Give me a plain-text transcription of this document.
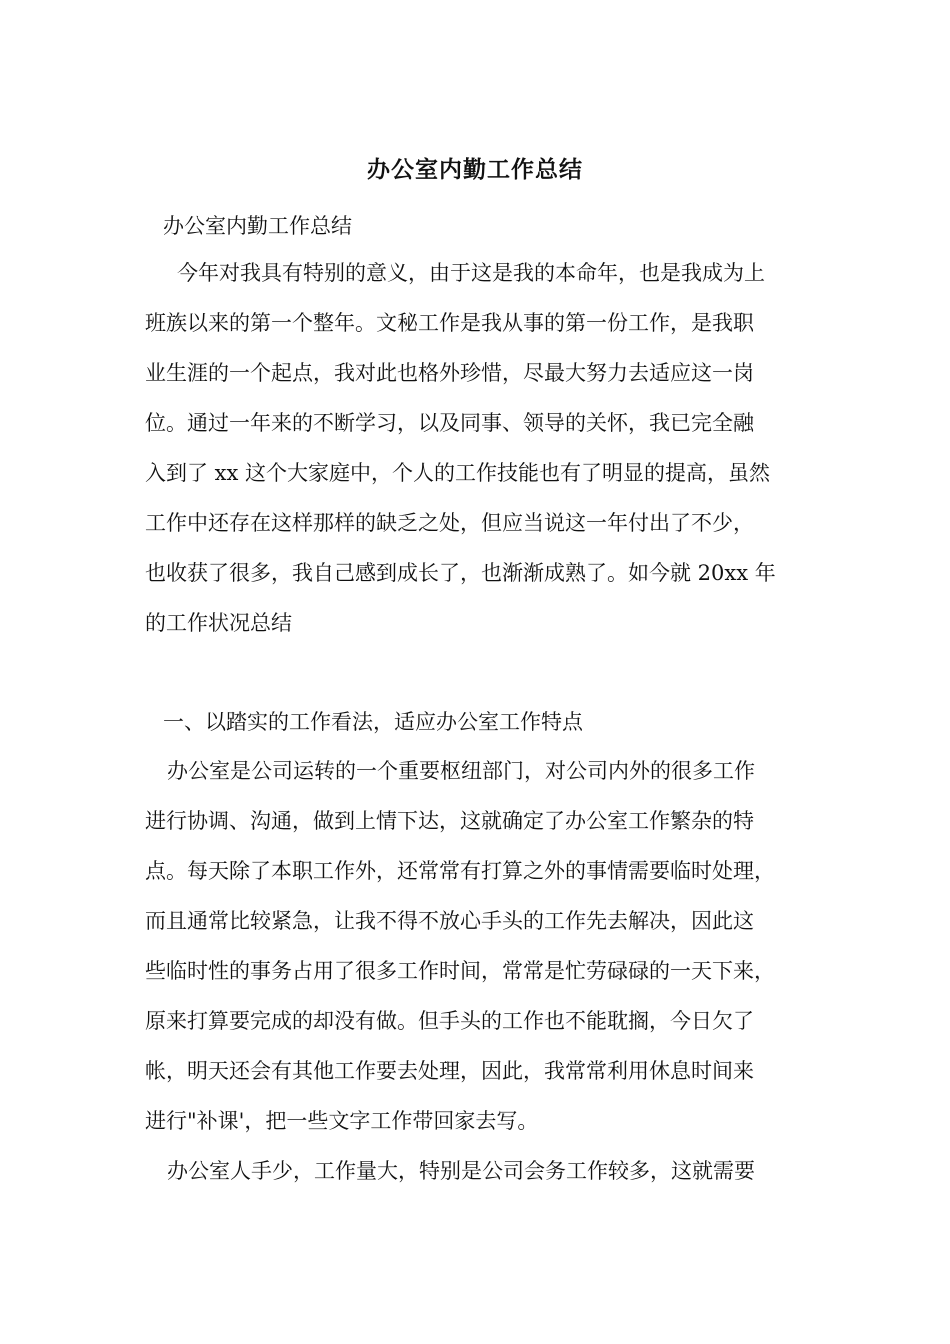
办公室内勤工作总结
办公室内勤工作总结
今年对我具有特别的意义，由于这是我的本命年，也是我成为上
班族以来的第一个整年。文秘工作是我从事的第一份工作，是我职
业生涯的一个起点，我对此也格外珍惜，尽最大努力去适应这一岗
位。通过一年来的不断学习，以及同事、领导的关怀，我已完全融
入到了 xx 这个大家庭中，个人的工作技能也有了明显的提高，虽然
工作中还存在这样那样的缺乏之处，但应当说这一年付出了不少，
也收获了很多，我自己感到成长了，也渐渐成熟了。如今就 20xx 年
的工作状况总结
一、以踏实的工作看法，适应办公室工作特点
办公室是公司运转的一个重要枢纽部门，对公司内外的很多工作
进行协调、沟通，做到上情下达，这就确定了办公室工作繁杂的特
点。每天除了本职工作外，还常常有打算之外的事情需要临时处理，
而且通常比较紧急，让我不得不放心手头的工作先去解决，因此这
些临时性的事务占用了很多工作时间，常常是忙劳碌碌的一天下来，
原来打算要完成的却没有做。但手头的工作也不能耽搁，今日欠了
帐，明天还会有其他工作要去处理，因此，我常常利用休息时间来
进行"补课'，把一些文字工作带回家去写。
办公室人手少，工作量大，特别是公司会务工作较多，这就需要
